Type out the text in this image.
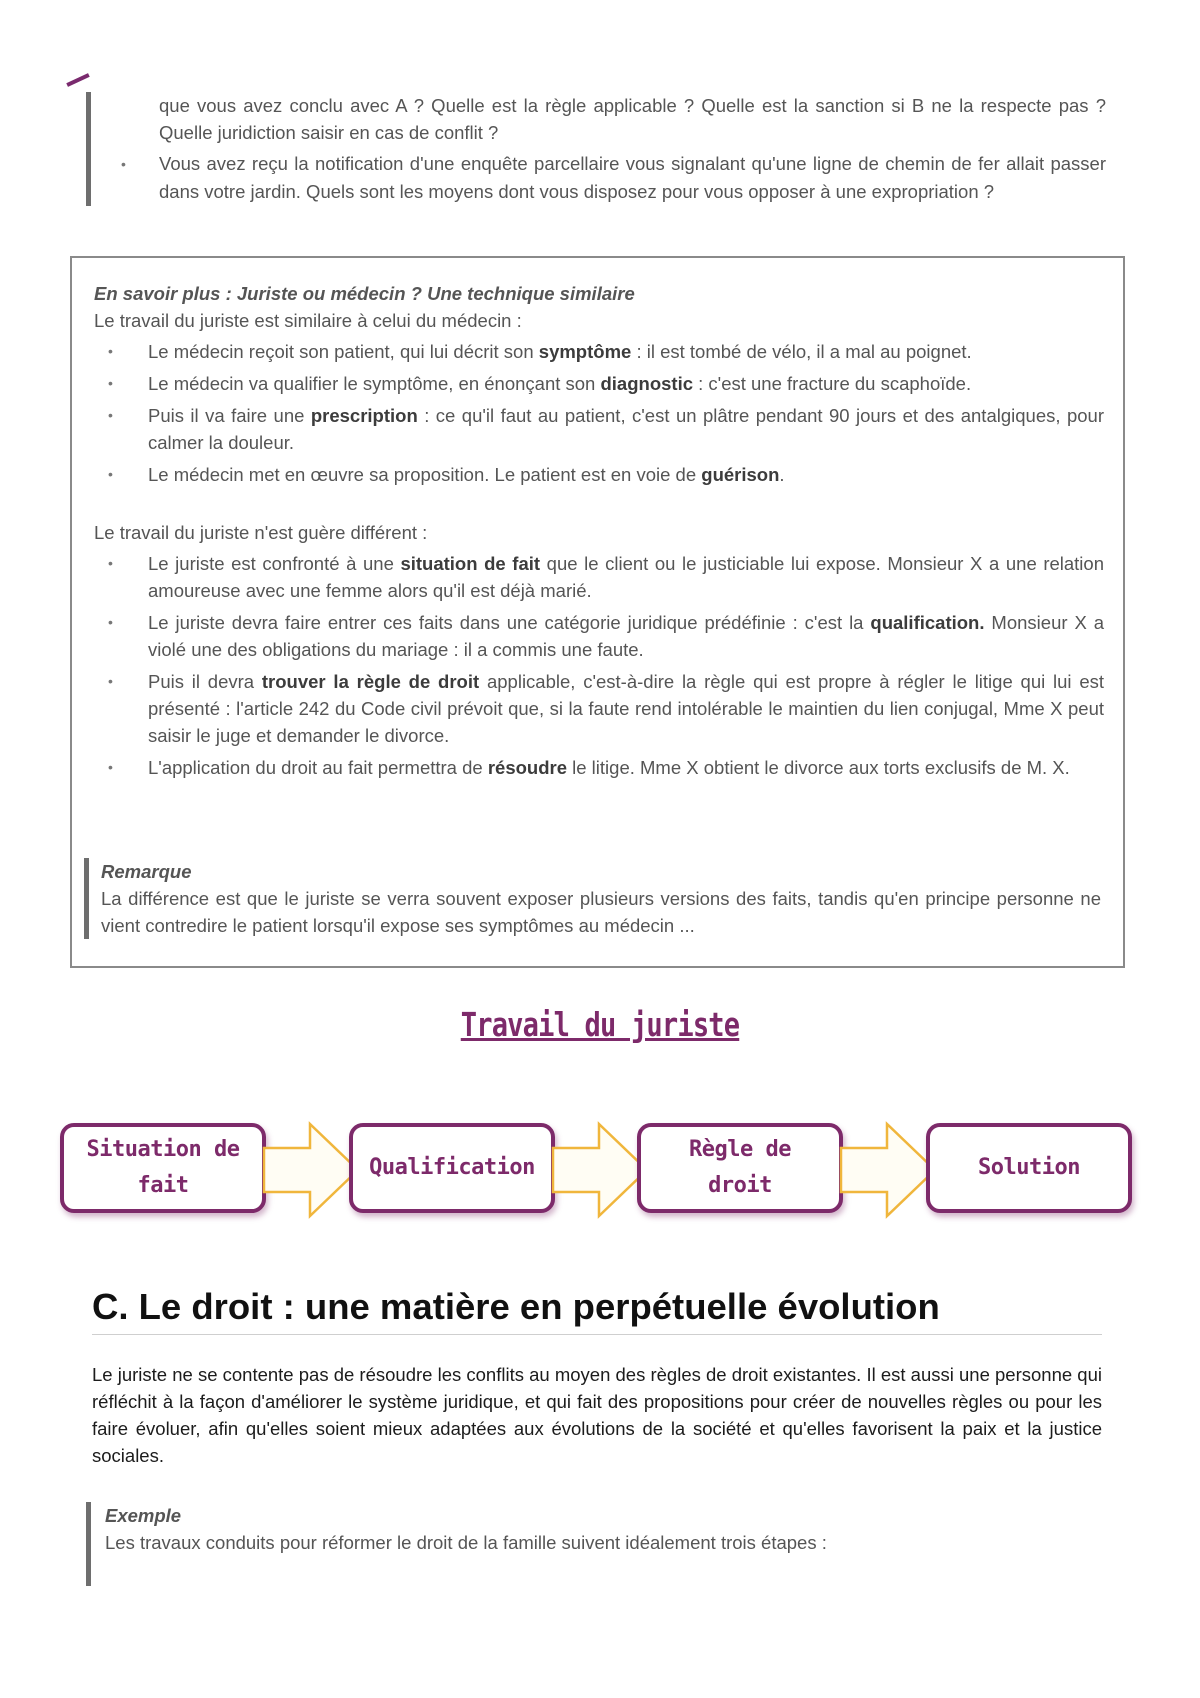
que vous avez conclu avec A ? Quelle est la règle applicable ? Quelle est la sanction si B ne la respecte pas ? Quelle juridiction saisir en cas de conflit ?

• Vous avez reçu la notification d'une enquête parcellaire vous signalant qu'une ligne de chemin de fer allait passer dans votre jardin. Quels sont les moyens dont vous disposez pour vous opposer à une expropriation ?
En savoir plus : Juriste ou médecin ? Une technique similaire

Le travail du juriste est similaire à celui du médecin :

• Le médecin reçoit son patient, qui lui décrit son symptôme : il est tombé de vélo, il a mal au poignet.
• Le médecin va qualifier le symptôme, en énonçant son diagnostic : c'est une fracture du scaphoïde.
• Puis il va faire une prescription : ce qu'il faut au patient, c'est un plâtre pendant 90 jours et des antalgiques, pour calmer la douleur.
• Le médecin met en œuvre sa proposition. Le patient est en voie de guérison.

Le travail du juriste n'est guère différent :

• Le juriste est confronté à une situation de fait que le client ou le justiciable lui expose. Monsieur X a une relation amoureuse avec une femme alors qu'il est déjà marié.
• Le juriste devra faire entrer ces faits dans une catégorie juridique prédéfinie : c'est la qualification. Monsieur X a violé une des obligations du mariage : il a commis une faute.
• Puis il devra trouver la règle de droit applicable, c'est-à-dire la règle qui est propre à régler le litige qui lui est présenté : l'article 242 du Code civil prévoit que, si la faute rend intolérable le maintien du lien conjugal, Mme X peut saisir le juge et demander le divorce.
• L'application du droit au fait permettra de résoudre le litige. Mme X obtient le divorce aux torts exclusifs de M. X.
Remarque

La différence est que le juriste se verra souvent exposer plusieurs versions des faits, tandis qu'en principe personne ne vient contredire le patient lorsqu'il expose ses symptômes au médecin ...

Travail du juriste
Situation de
fait
Qualification
Règle de droit
Solution
C. Le droit : une matière en perpétuelle évolution

Le juriste ne se contente pas de résoudre les conflits au moyen des règles de droit existantes. Il est aussi une personne qui réfléchit à la façon d'améliorer le système juridique, et qui fait des propositions pour créer de nouvelles règles ou pour les faire évoluer, afin qu'elles soient mieux adaptées aux évolutions de la société et qu'elles favorisent la paix et la justice sociales.

Exemple

Les travaux conduits pour réformer le droit de la famille suivent idéalement trois étapes :
